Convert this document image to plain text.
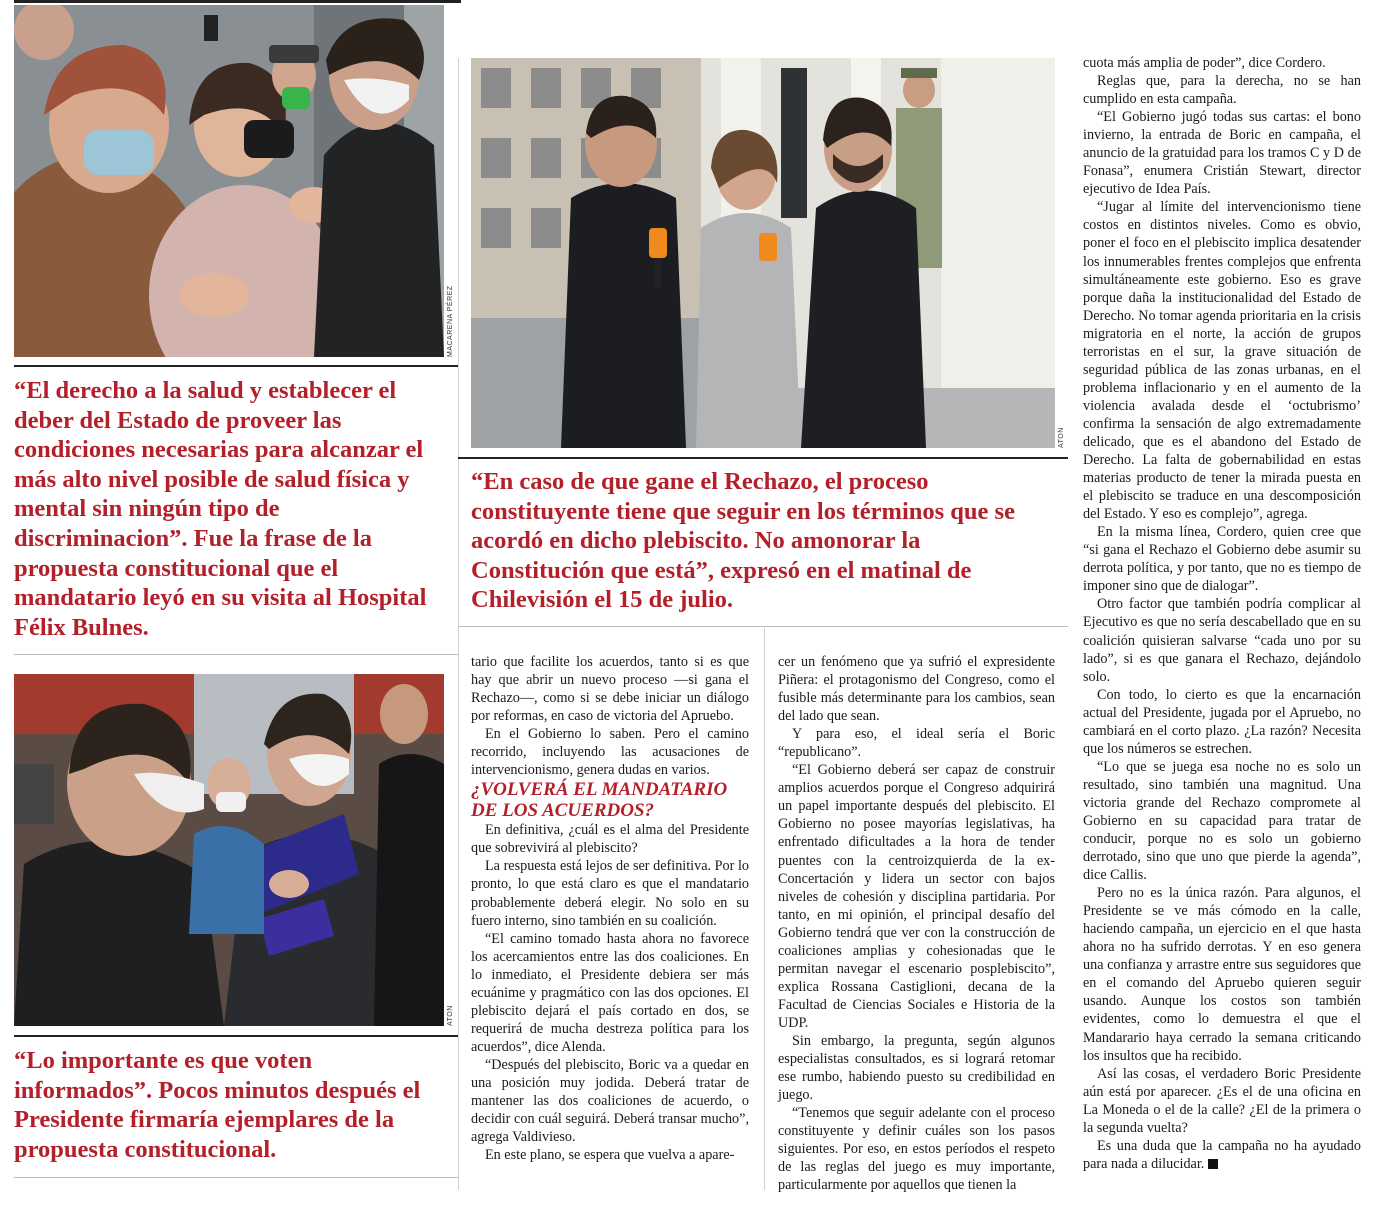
MACARENA PÉREZ

“El derecho a la salud y establecer el deber del Estado de proveer las condiciones necesarias para alcanzar el más alto nivel posible de salud física y mental sin ningún tipo de discriminacion”. Fue la frase de la propuesta constitucional que el mandatario leyó en su visita al Hospital Félix Bulnes.

ATON

“Lo importante es que voten informados”. Pocos minutos después el Presidente firmaría ejemplares de la propuesta constitucional.

ATON

“En caso de que gane el Rechazo, el proceso constituyente tiene que seguir en los términos que se acordó en dicho plebiscito. No amonorar la Constitución que está”, expresó en el matinal de Chilevisión el 15 de julio.

tario que facilite los acuerdos, tanto si es que hay que abrir un nuevo proceso —si gana el Rechazo—, como si se debe iniciar un diálogo por reformas, en caso de victoria del Apruebo.

En el Gobierno lo saben. Pero el camino recorrido, incluyendo las acusaciones de intervencionismo, genera dudas en varios.

¿VOLVERÁ EL MANDATARIO DE LOS ACUERDOS?

En definitiva, ¿cuál es el alma del Presidente que sobrevivirá al plebiscito?

La respuesta está lejos de ser definitiva. Por lo pronto, lo que está claro es que el mandatario probablemente deberá elegir. No solo en su fuero interno, sino también en su coalición.

“El camino tomado hasta ahora no favorece los acercamientos entre las dos coaliciones. En lo inmediato, el Presidente debiera ser más ecuánime y pragmático con las dos opciones. El plebiscito dejará el país cortado en dos, se requerirá de mucha destreza política para los acuerdos”, dice Alenda.

“Después del plebiscito, Boric va a quedar en una posición muy jodida. Deberá tratar de mantener las dos coaliciones de acuerdo, o decidir con cuál seguirá. Deberá transar mucho”, agrega Valdivieso.

En este plano, se espera que vuelva a apare-

cer un fenómeno que ya sufrió el expresidente Piñera: el protagonismo del Congreso, como el fusible más determinante para los cambios, sean del lado que sean.

Y para eso, el ideal sería el Boric “republicano”.

“El Gobierno deberá ser capaz de construir amplios acuerdos porque el Congreso adquirirá un papel importante después del plebiscito. El Gobierno no posee mayorías legislativas, ha enfrentado dificultades a la hora de tender puentes con la centroizquierda de la ex-Concertación y lidera un sector con bajos niveles de cohesión y disciplina partidaria. Por tanto, en mi opinión, el principal desafío del Gobierno tendrá que ver con la construcción de coaliciones amplias y cohesionadas que le permitan navegar el escenario posplebiscito”, explica Rossana Castiglioni, decana de la Facultad de Ciencias Sociales e Historia de la UDP.

Sin embargo, la pregunta, según algunos especialistas consultados, es si logrará retomar ese rumbo, habiendo puesto su credibilidad en juego.

“Tenemos que seguir adelante con el proceso constituyente y definir cuáles son los pasos siguientes. Por eso, en estos períodos el respeto de las reglas del juego es muy importante, particularmente por aquellos que tienen la

cuota más amplia de poder”, dice Cordero.

Reglas que, para la derecha, no se han cumplido en esta campaña.

“El Gobierno jugó todas sus cartas: el bono invierno, la entrada de Boric en campaña, el anuncio de la gratuidad para los tramos C y D de Fonasa”, enumera Cristián Stewart, director ejecutivo de Idea País.

“Jugar al límite del intervencionismo tiene costos en distintos niveles. Como es obvio, poner el foco en el plebiscito implica desatender los innumerables frentes complejos que enfrenta simultáneamente este gobierno. Eso es grave porque daña la institucionalidad del Estado de Derecho. No tomar agenda prioritaria en la crisis migratoria en el norte, la acción de grupos terroristas en el sur, la grave situación de seguridad pública de las zonas urbanas, en el problema inflacionario y en el aumento de la violencia avalada desde el ‘octubrismo’ confirma la sensación de algo extremadamente delicado, que es el abandono del Estado de Derecho. La falta de gobernabilidad en estas materias producto de tener la mirada puesta en el plebiscito se traduce en una descomposición del Estado. Y eso es complejo”, agrega.

En la misma línea, Cordero, quien cree que “si gana el Rechazo el Gobierno debe asumir su derrota política, y por tanto, que no es tiempo de imponer sino que de dialogar”.

Otro factor que también podría complicar al Ejecutivo es que no sería descabellado que en su coalición quisieran salvarse “cada uno por su lado”, si es que ganara el Rechazo, dejándolo solo.

Con todo, lo cierto es que la encarnación actual del Presidente, jugada por el Apruebo, no cambiará en el corto plazo. ¿La razón? Necesita que los números se estrechen.

“Lo que se juega esa noche no es solo un resultado, sino también una magnitud. Una victoria grande del Rechazo compromete al Gobierno en su capacidad para tratar de conducir, porque no es solo un gobierno derrotado, sino que uno que pierde la agenda”, dice Callis.

Pero no es la única razón. Para algunos, el Presidente se ve más cómodo en la calle, haciendo campaña, un ejercicio en el que hasta ahora no ha sufrido derrotas. Y en eso genera una confianza y arrastre entre sus seguidores que en el comando del Apruebo quieren seguir usando. Aunque los costos son también evidentes, como lo demuestra el que el Mandarario haya cerrado la semana criticando los insultos que ha recibido.

Así las cosas, el verdadero Boric Presidente aún está por aparecer. ¿Es el de una oficina en La Moneda o el de la calle? ¿El de la primera o la segunda vuelta?

Es una duda que la campaña no ha ayudado para nada a dilucidar.
